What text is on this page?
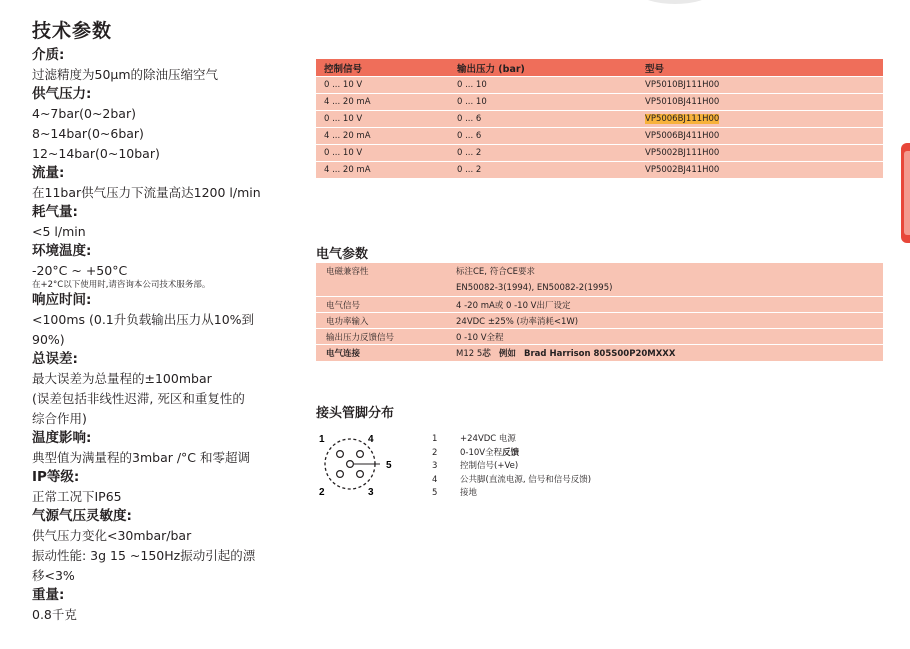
技术参数
介质:
过滤精度为50μm的除油压缩空气
供气压力:
4~7bar(0~2bar)
8~14bar(0~6bar)
12~14bar(0~10bar)
流量:
在11bar供气压力下流量高达1200 l/min
耗气量:
<5 l/min
环境温度:
-20°C ~ +50°C
在+2°C以下使用时,请咨询本公司技术服务部。
响应时间:
<100ms (0.1升负载输出压力从10%到
90%)
总误差:
最大误差为总量程的±100mbar
(误差包括非线性迟滞, 死区和重复性的
综合作用)
温度影响:
典型值为满量程的3mbar /°C 和零超调
IP等级:
正常工况下IP65
气源气压灵敏度:
供气压力变化<30mbar/bar
振动性能: 3g 15 ~150Hz振动引起的漂
移<3%
重量:
0.8千克
控制信号	输出压力 (bar)	型号
0 ... 10 V	0 ... 10	VP5010BJ111H00
4 ... 20 mA	0 ... 10	VP5010BJ411H00
0 ... 10 V	0 ... 6	VP5006BJ111H00
4 ... 20 mA	0 ... 6	VP5006BJ411H00
0 ... 10 V	0 ... 2	VP5002BJ111H00
4 ... 20 mA	0 ... 2	VP5002BJ411H00
电气参数
电磁兼容性	标注CE, 符合CE要求
	EN50082-3(1994), EN50082-2(1995)
电气信号	4 -20 mA或 0 -10 V出厂设定
电功率输入	24VDC ±25% (功率消耗<1W)
输出压力反馈信号	0 -10 V全程
电气连接	M12 5芯 例如 Brad Harrison 805S00P20MXXX
接头管脚分布
1	4
5
2	3
1	+24VDC 电源
2	0-10V全程 反馈
3	控制信号(+Ve)
4	公共脚(直流电源, 信号和信号反馈)
5	接地
